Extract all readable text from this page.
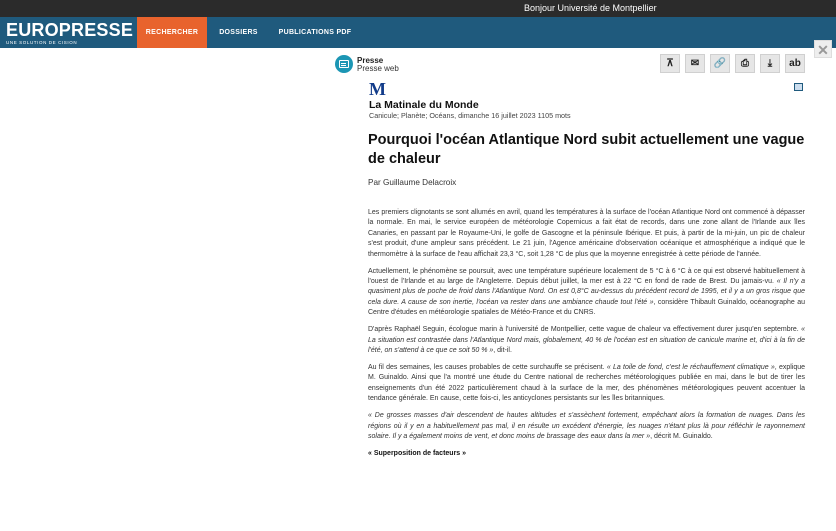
Bonjour Université de Montpellier
EUROPRESSE
UNE SOLUTION DE CISION
RECHERCHER	DOSSIERS	PUBLICATIONS PDF
✕
Presse
Presse web	⊼	✉	🔗	⎙	⤓	ab
M
La Matinale du Monde
Canicule; Planète; Océans, dimanche 16 juillet 2023 1105 mots
Pourquoi l'océan Atlantique Nord subit actuellement une vague de chaleur
Par Guillaume Delacroix

Les premiers clignotants se sont allumés en avril, quand les températures à la surface de l'océan Atlantique Nord ont commencé à dépasser la normale. En mai, le service européen de météorologie Copernicus a fait état de records, dans une zone allant de l'Irlande aux îles Canaries, en passant par le Royaume-Uni, le golfe de Gascogne et la péninsule Ibérique. Et puis, à partir de la mi-juin, un pic de chaleur s'est produit, d'une ampleur sans précédent. Le 21 juin, l'Agence américaine d'observation océanique et atmosphérique a indiqué que le thermomètre à la surface de l'eau affichait 23,3 °C, soit 1,28 °C de plus que la moyenne enregistrée à cette période de l'année.

Actuellement, le phénomène se poursuit, avec une température supérieure localement de 5 °C à 6 °C à ce qui est observé habituellement à l'ouest de l'Irlande et au large de l'Angleterre. Depuis début juillet, la mer est à 22 °C en fond de rade de Brest. Du jamais-vu. « Il n'y a quasiment plus de poche de froid dans l'Atlantique Nord. On est 0,8°C au-dessus du précédent record de 1995, et il y a un gros risque que cela dure. A cause de son inertie, l'océan va rester dans une ambiance chaude tout l'été », considère Thibault Guinaldo, océanographe au Centre d'études en météorologie spatiales de Météo-France et du CNRS.

D'après Raphaël Seguin, écologue marin à l'université de Montpellier, cette vague de chaleur va effectivement durer jusqu'en septembre. « La situation est contrastée dans l'Atlantique Nord mais, globalement, 40 % de l'océan est en situation de canicule marine et, d'ici à la fin de l'été, on s'attend à ce que ce soit 50 % », dit-il.

Au fil des semaines, les causes probables de cette surchauffe se précisent. « La toile de fond, c'est le réchauffement climatique », explique M. Guinaldo. Ainsi que l'a montré une étude du Centre national de recherches météorologiques publiée en mai, dans le but de tirer les enseignements d'un été 2022 particulièrement chaud à la surface de la mer, des phénomènes météorologiques peuvent accentuer la tendance générale. En cause, cette fois-ci, les anticyclones persistants sur les îles britanniques.

« De grosses masses d'air descendent de hautes altitudes et s'assèchent fortement, empêchant alors la formation de nuages. Dans les régions où il y en a habituellement pas mal, il en résulte un excédent d'énergie, les nuages n'étant plus là pour réfléchir le rayonnement solaire. Il y a également moins de vent, et donc moins de brassage des eaux dans la mer », décrit M. Guinaldo.

« Superposition de facteurs »
